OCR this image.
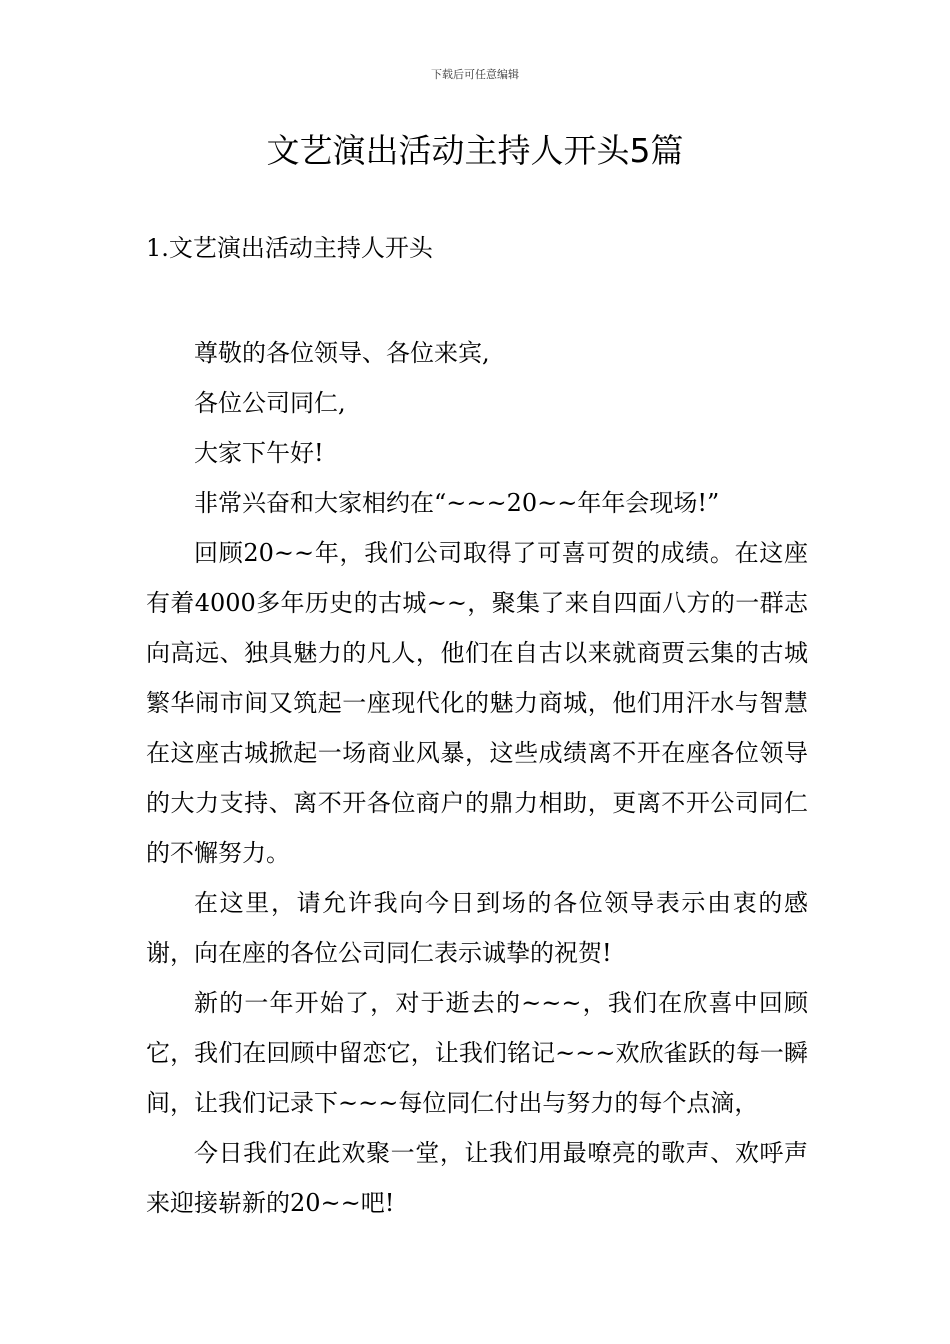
下载后可任意编辑
文艺演出活动主持人开头5篇
1.文艺演出活动主持人开头

尊敬的各位领导、各位来宾,

各位公司同仁,

大家下午好!

非常兴奋和大家相约在“~~~20~~年年会现场!”

回顾20~~年，我们公司取得了可喜可贺的成绩。在这座有着4000多年历史的古城~~，聚集了来自四面八方的一群志向高远、独具魅力的凡人，他们在自古以来就商贾云集的古城繁华闹市间又筑起一座现代化的魅力商城，他们用汗水与智慧在这座古城掀起一场商业风暴，这些成绩离不开在座各位领导的大力支持、离不开各位商户的鼎力相助，更离不开公司同仁的不懈努力。

在这里，请允许我向今日到场的各位领导表示由衷的感谢，向在座的各位公司同仁表示诚挚的祝贺!

新的一年开始了，对于逝去的~~~，我们在欣喜中回顾它，我们在回顾中留恋它，让我们铭记~~~欢欣雀跃的每一瞬间，让我们记录下~~~每位同仁付出与努力的每个点滴，

今日我们在此欢聚一堂，让我们用最嘹亮的歌声、欢呼声来迎接崭新的20~~吧!
